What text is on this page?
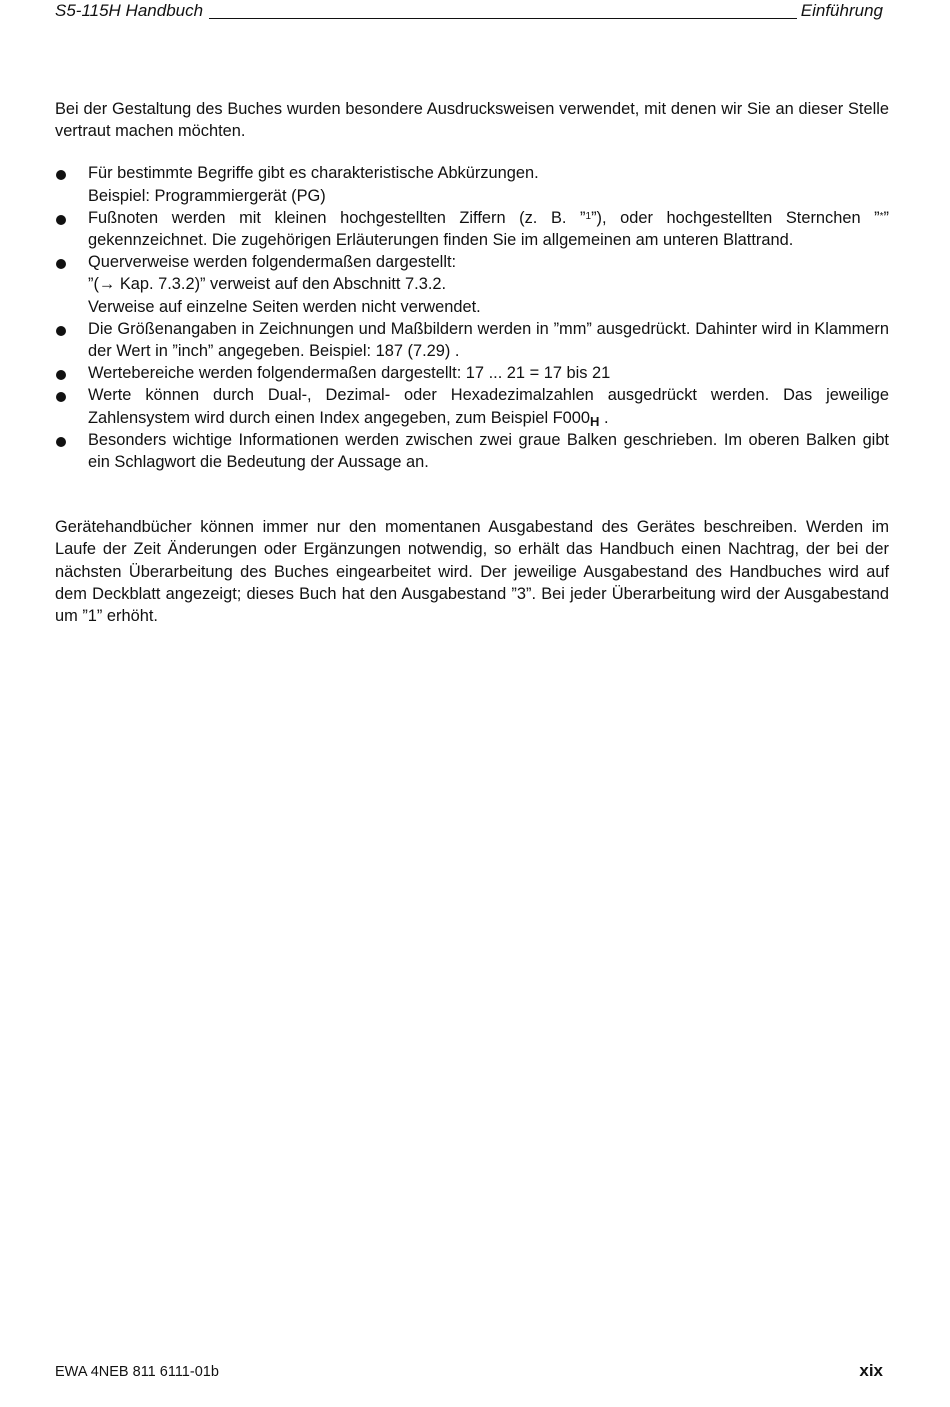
S5-115H Handbuch	Einführung

Bei der Gestaltung des Buches wurden besondere Ausdrucksweisen verwendet, mit denen wir Sie an dieser Stelle vertraut machen möchten.

Für bestimmte Begriffe gibt es charakteristische Abkürzungen.
Beispiel: Programmiergerät (PG)
Fußnoten werden mit kleinen hochgestellten Ziffern (z. B. ”$^1$”), oder hochgestellten Sternchen ”*” gekennzeichnet. Die zugehörigen Erläuterungen finden Sie im allgemeinen am unteren Blattrand.
Querverweise werden folgendermaßen dargestellt:
”(→ Kap. 7.3.2)” verweist auf den Abschnitt 7.3.2.
Verweise auf einzelne Seiten werden nicht verwendet.
Die Größenangaben in Zeichnungen und Maßbildern werden in ”mm” ausgedrückt. Dahinter wird in Klammern der Wert in ”inch” angegeben. Beispiel: 187 (7.29) .
Wertebereiche werden folgendermaßen dargestellt: 17 ... 21 = 17 bis 21
Werte können durch Dual-, Dezimal- oder Hexadezimalzahlen ausgedrückt werden. Das jeweilige Zahlensystem wird durch einen Index angegeben, zum Beispiel $F000_H$ .
Besonders wichtige Informationen werden zwischen zwei graue Balken geschrieben. Im oberen Balken gibt ein Schlagwort die Bedeutung der Aussage an.

Gerätehandbücher können immer nur den momentanen Ausgabestand des Gerätes beschreiben. Werden im Laufe der Zeit Änderungen oder Ergänzungen notwendig, so erhält das Handbuch einen Nachtrag, der bei der nächsten Überarbeitung des Buches eingearbeitet wird. Der jeweilige Ausgabestand des Handbuches wird auf dem Deckblatt angezeigt; dieses Buch hat den Ausgabestand ”3”. Bei jeder Überarbeitung wird der Ausgabestand um ”1” erhöht.

EWA 4NEB 811 6111-01b	xix
